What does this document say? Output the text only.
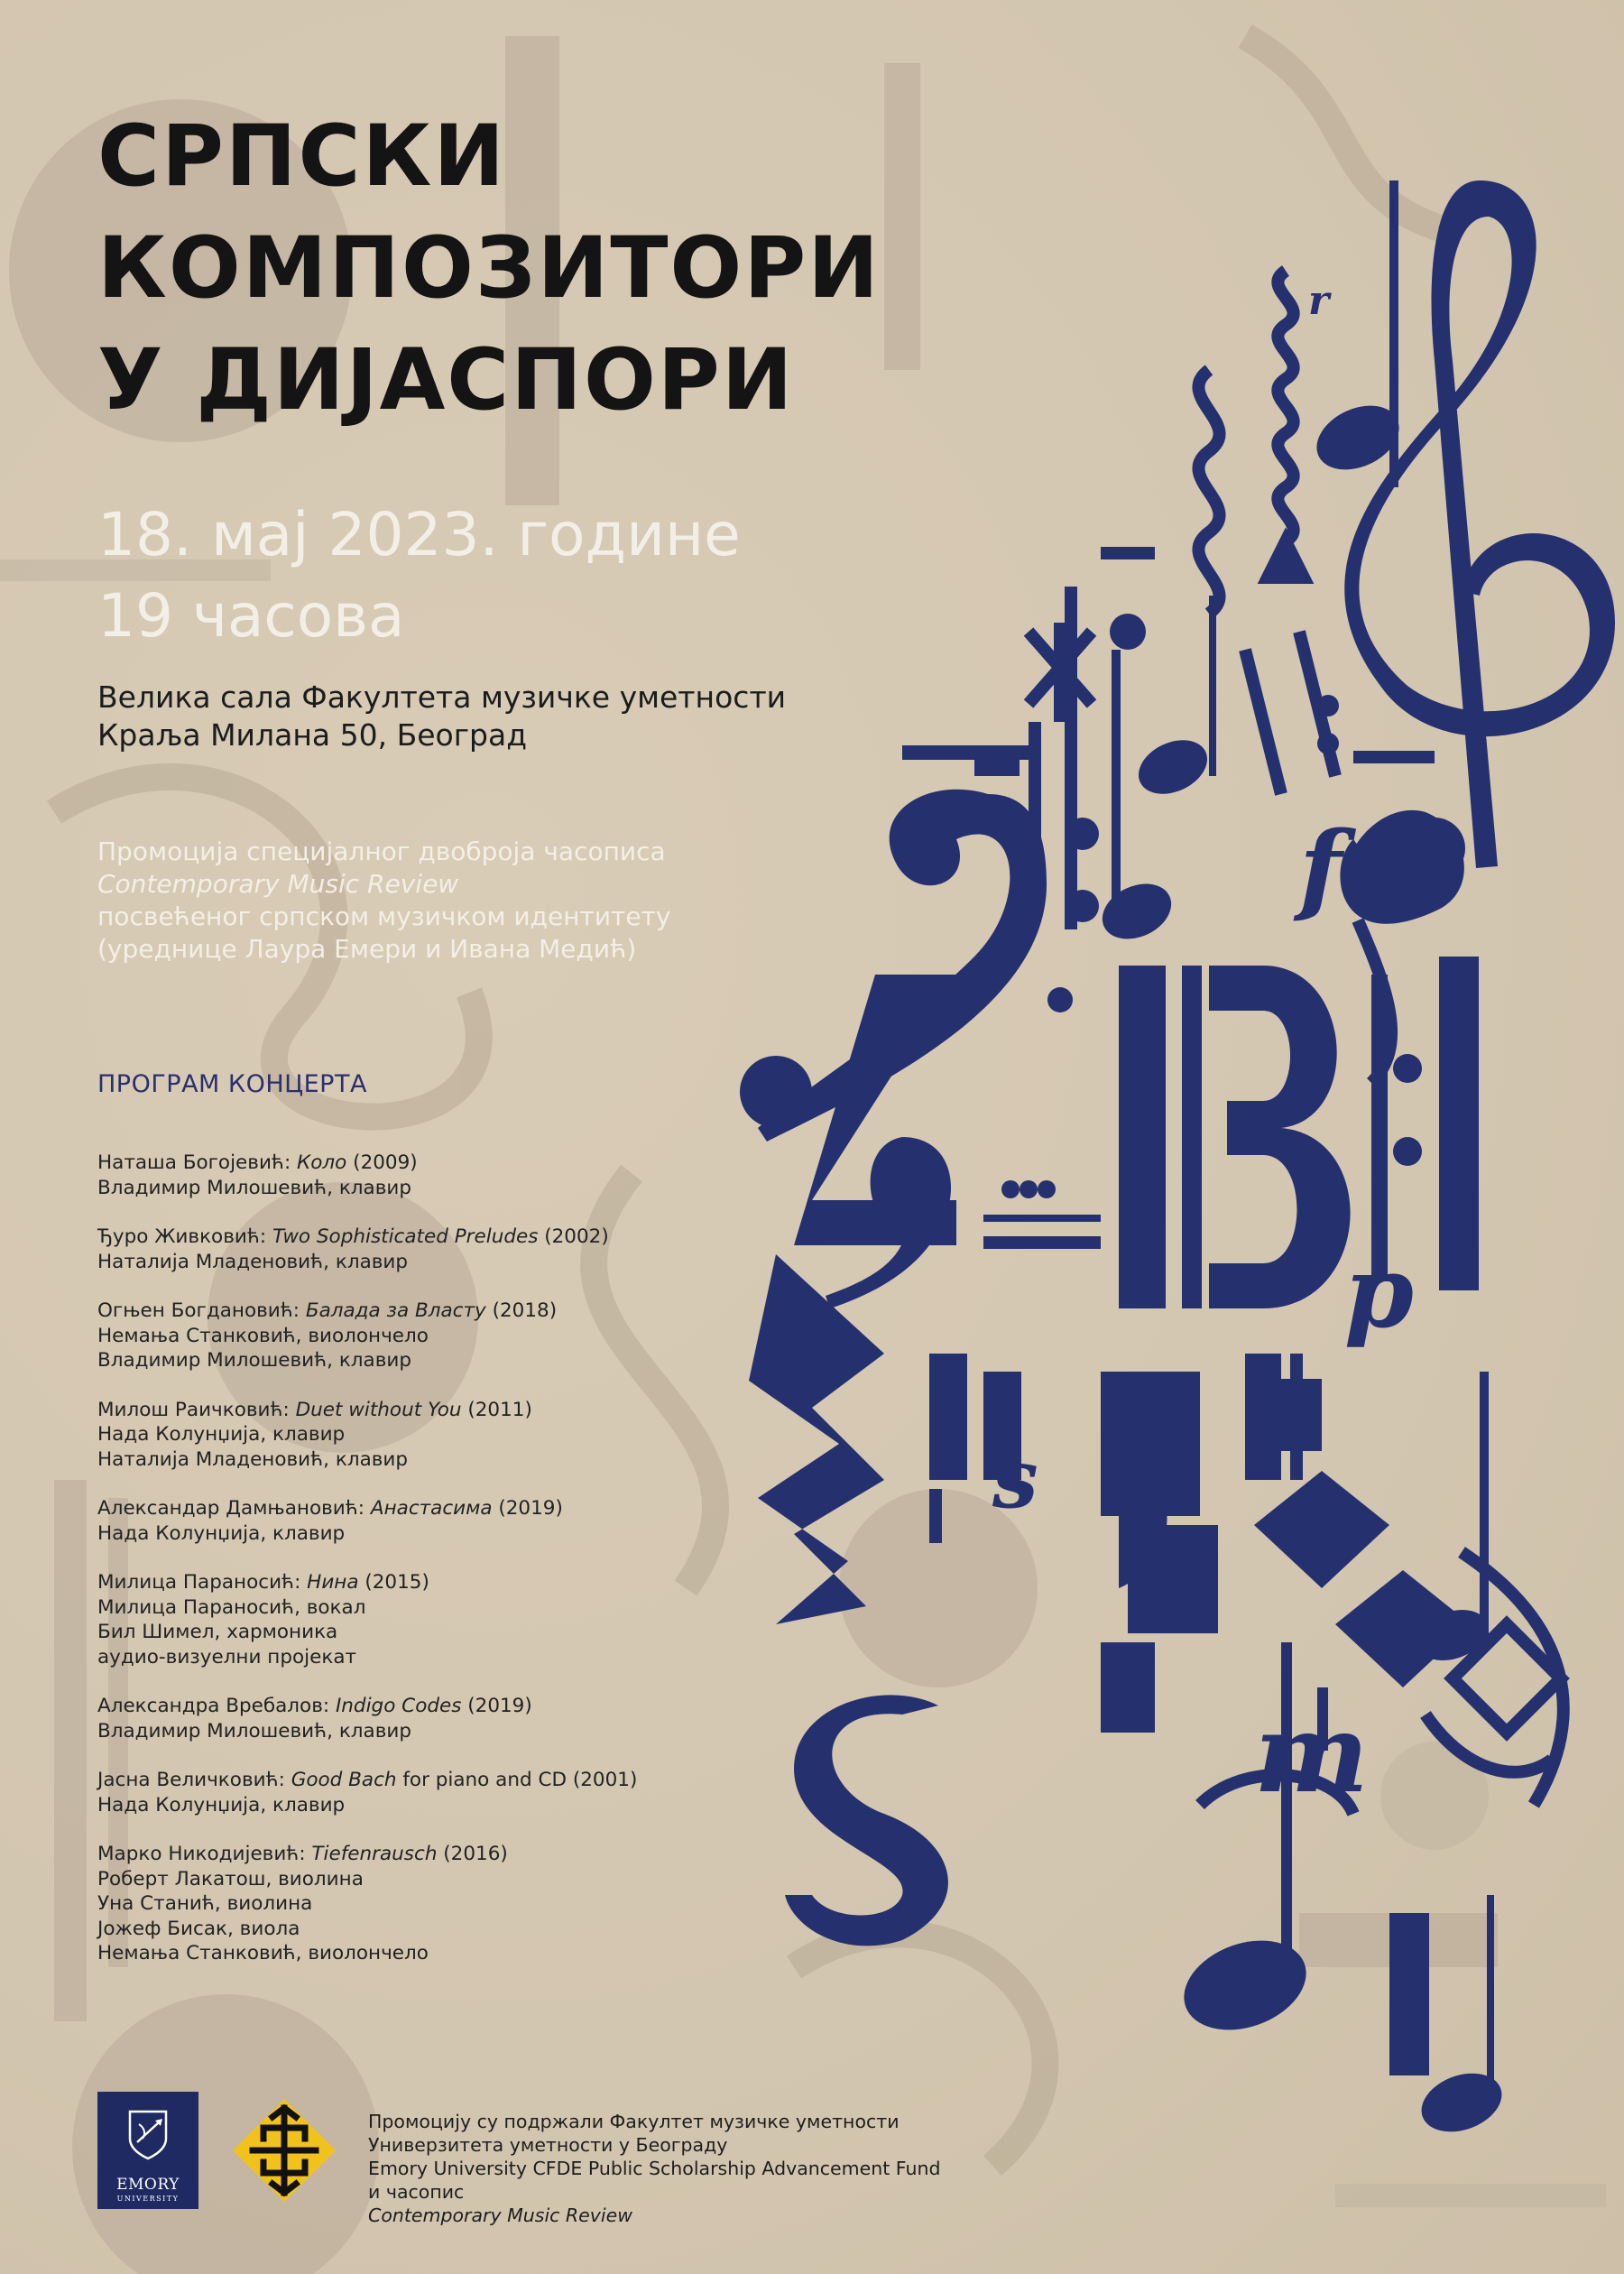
f
p
m
s
r
СРПСКИ
КОМПОЗИТОРИ
У ДИЈАСПОРИ
18. мај 2023. године
19 часова
Велика сала Факултета музичке уметности
Краља Милана 50, Београд
Промоција специјалног двоброја часописа
Contemporary Music Review
посвећеног српском музичком идентитету
(уреднице Лаура Емери и Ивана Медић)
ПРОГРАМ КОНЦЕРТА
Наташа Богојевић: Коло (2009)
Владимир Милошевић, клавир
Ђуро Живковић: Two Sophisticated Preludes (2002)
Наталија Младеновић, клавир
Огњен Богдановић: Балада за Власту (2018)
Немања Станковић, виолончело
Владимир Милошевић, клавир
Милош Раичковић: Duet without You (2011)
Нада Колунџија, клавир
Наталија Младеновић, клавир
Александар Дамњановић: Анастасима (2019)
Нада Колунџија, клавир
Милица Параносић: Нина (2015)
Милица Параносић, вокал
Бил Шимел, хармоника
аудио-визуелни пројекат
Александра Вребалов: Indigo Codes (2019)
Владимир Милошевић, клавир
Јасна Величковић: Good Bach for piano and CD (2001)
Нада Колунџија, клавир
Марко Никодијевић: Tiefenrausch (2016)
Роберт Лакатош, виолина
Уна Станић, виолина
Јожеф Бисак, виола
Немања Станковић, виолончело
EMORY
UNIVERSITY
Промоцију су подржали Факултет музичке уметности
Универзитета уметности у Београду
Emory University CFDE Public Scholarship Advancement Fund
и часопис
Contemporary Music Review
